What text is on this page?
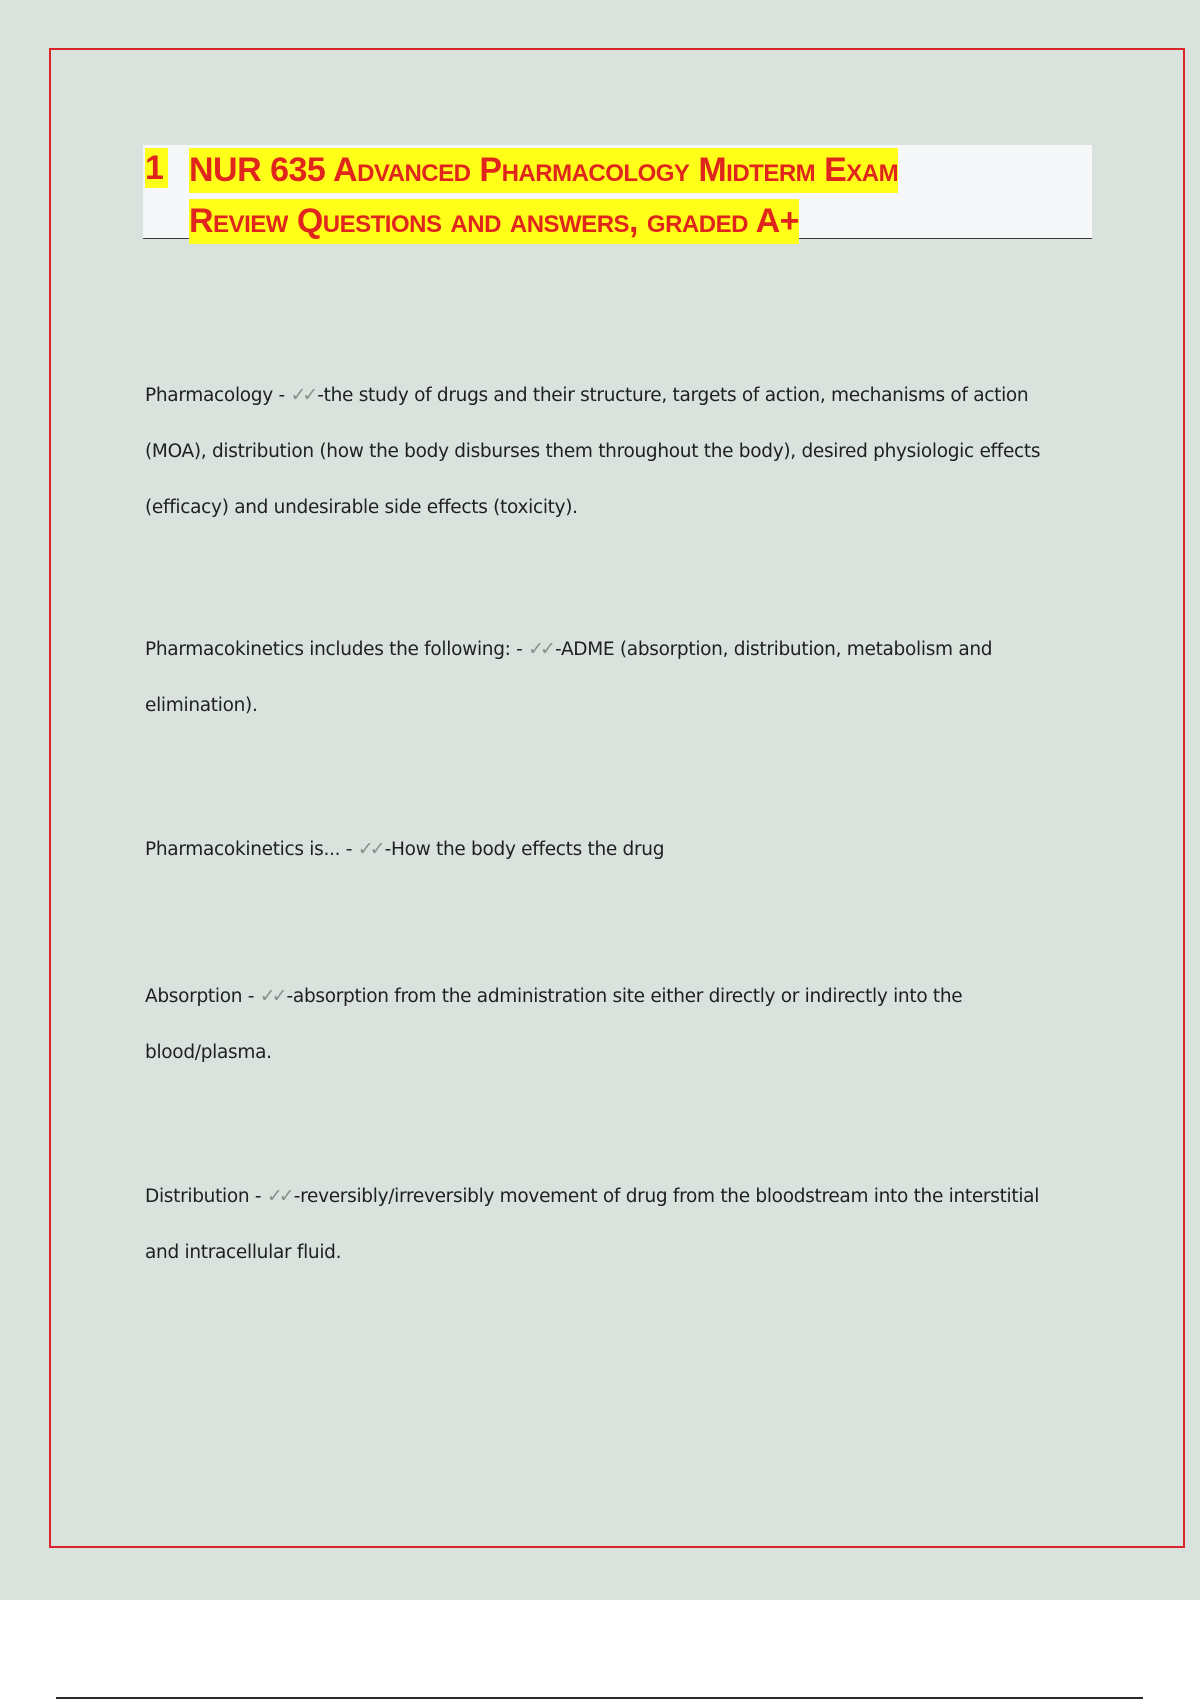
1 NUR 635 Advanced Pharmacology Midterm Exam
Review Questions and answers, graded A+
Pharmacology - ✓✓ -the study of drugs and their structure, targets of action, mechanisms of action (MOA), distribution (how the body disburses them throughout the body), desired physiologic effects (efficacy) and undesirable side effects (toxicity).
Pharmacokinetics includes the following: - ✓✓ -ADME (absorption, distribution, metabolism and elimination).
Pharmacokinetics is... - ✓✓ -How the body effects the drug
Absorption - ✓✓ -absorption from the administration site either directly or indirectly into the blood/plasma.
Distribution - ✓✓ -reversibly/irreversibly movement of drug from the bloodstream into the interstitial and intracellular fluid.
